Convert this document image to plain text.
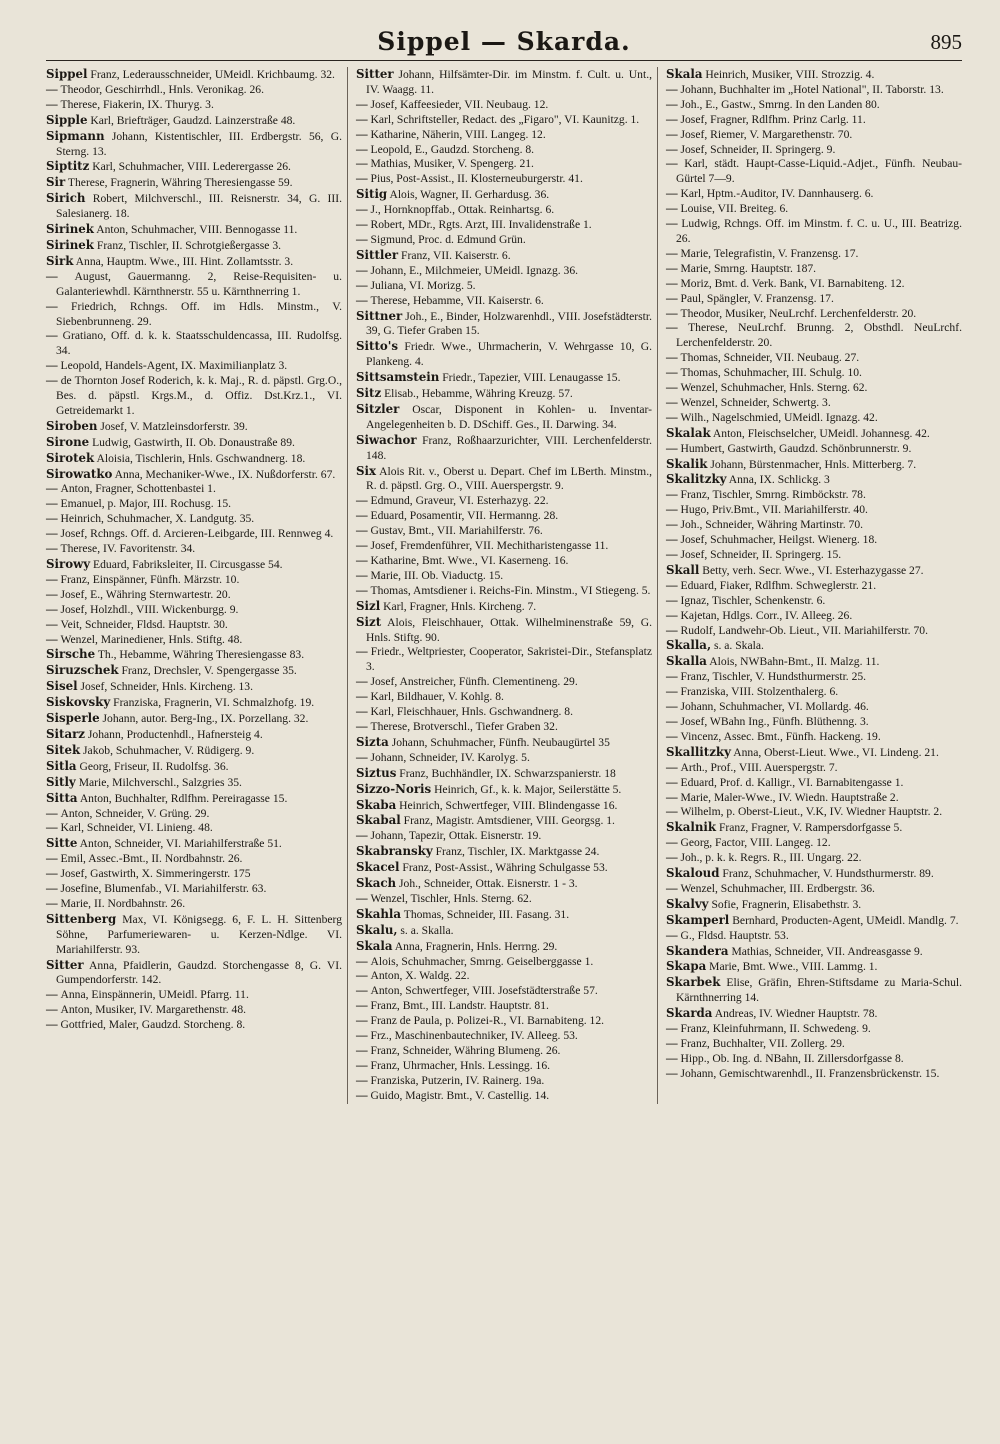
Sippel — Skarda.	895
Sippel Franz, Lederausschneider, UMeidl. Krichbaumg. 32.
— Theodor, Geschirrhdl., Hnls. Veronikag. 26.
— Therese, Fiakerin, IX. Thuryg. 3.
Sipple Karl, Briefträger, Gaudzd. Lainzerstraße 48.
Sipmann Johann, Kistentischler, III. Erdbergstr. 56, G. Sterng. 13.
Siptitz Karl, Schuhmacher, VIII. Lederergasse 26.
Sir Therese, Fragnerin, Währing Theresiengasse 59.
Sirich Robert, Milchverschl., III. Reisnerstr. 34, G. III. Salesianerg. 18.
Sirinek Anton, Schuhmacher, VIII. Bennogasse 11.
Sirinek Franz, Tischler, II. Schrotgießergasse 3.
Sirk Anna, Hauptm. Wwe., III. Hint. Zollamtsstr. 3.
— August, Gauermanng. 2, Reise-Requisiten- u. Galanteriewhdl. Kärnthnerstr. 55 u. Kärnthnerring 1.
— Friedrich, Rchngs. Off. im Hdls. Minstm., V. Siebenbrunneng. 29.
— Gratiano, Off. d. k. k. Staatsschuldencassa, III. Rudolfsg. 34.
— Leopold, Handels-Agent, IX. Maximilianplatz 3.
— de Thornton Josef Roderich, k. k. Maj., R. d. päpstl. Grg.O., Bes. d. päpstl. Krgs.M., d. Offiz. Dst.Krz.1., VI. Getreidemarkt 1.
Siroben Josef, V. Matzleinsdorferstr. 39.
Sirone Ludwig, Gastwirth, II. Ob. Donaustraße 89.
Sirotek Aloisia, Tischlerin, Hnls. Gschwandnerg. 18.
Sirowatko Anna, Mechaniker-Wwe., IX. Nußdorferstr. 67.
— Anton, Fragner, Schottenbastei 1.
— Emanuel, p. Major, III. Rochusg. 15.
— Heinrich, Schuhmacher, X. Landgutg. 35.
— Josef, Rchngs. Off. d. Arcieren-Leibgarde, III. Rennweg 4.
— Therese, IV. Favoritenstr. 34.
Sirowy Eduard, Fabriksleiter, II. Circusgasse 54.
— Franz, Einspänner, Fünfh. Märzstr. 10.
— Josef, E., Währing Sternwartestr. 20.
— Josef, Holzhdl., VIII. Wickenburgg. 9.
— Veit, Schneider, Fldsd. Hauptstr. 30.
— Wenzel, Marinediener, Hnls. Stiftg. 48.
Sirsche Th., Hebamme, Währing Theresiengasse 83.
Siruzschek Franz, Drechsler, V. Spengergasse 35.
Sisel Josef, Schneider, Hnls. Kircheng. 13.
Siskovsky Franziska, Fragnerin, VI. Schmalzhofg. 19.
Sisperle Johann, autor. Berg-Ing., IX. Porzellang. 32.
Sitarz Johann, Productenhdl., Hafnersteig 4.
Sitek Jakob, Schuhmacher, V. Rüdigerg. 9.
Sitla Georg, Friseur, II. Rudolfsg. 36.
Sitly Marie, Milchverschl., Salzgries 35.
Sitta Anton, Buchhalter, Rdlfhm. Pereiragasse 15.
— Anton, Schneider, V. Grüng. 29.
— Karl, Schneider, VI. Linieng. 48.
Sitte Anton, Schneider, VI. Mariahilferstraße 51.
— Emil, Assec.-Bmt., II. Nordbahnstr. 26.
— Josef, Gastwirth, X. Simmeringerstr. 175
— Josefine, Blumenfab., VI. Mariahilferstr. 63.
— Marie, II. Nordbahnstr. 26.
Sittenberg Max, VI. Königsegg. 6, F. L. H. Sittenberg Söhne, Parfumeriewaren- u. Kerzen-Ndlge. VI. Mariahilferstr. 93.
Sitter Anna, Pfaidlerin, Gaudzd. Storchengasse 8, G. VI. Gumpendorferstr. 142.
— Anna, Einspännerin, UMeidl. Pfarrg. 11.
— Anton, Musiker, IV. Margarethenstr. 48.
— Gottfried, Maler, Gaudzd. Storcheng. 8.
Sitter Johann, Hilfsämter-Dir. im Minstm. f. Cult. u. Unt., IV. Waagg. 11.
— Josef, Kaffeesieder, VII. Neubaug. 12.
— Karl, Schriftsteller, Redact. des „Figaro", VI. Kaunitzg. 1.
— Katharine, Näherin, VIII. Langeg. 12.
— Leopold, E., Gaudzd. Storcheng. 8.
— Mathias, Musiker, V. Spengerg. 21.
— Pius, Post-Assist., II. Klosterneuburgerstr. 41.
Sitig Alois, Wagner, II. Gerhardusg. 36.
— J., Hornknopffab., Ottak. Reinhartsg. 6.
— Robert, MDr., Rgts. Arzt, III. Invalidenstraße 1.
— Sigmund, Proc. d. Edmund Grün.
Sittler Franz, VII. Kaiserstr. 6.
— Johann, E., Milchmeier, UMeidl. Ignazg. 36.
— Juliana, VI. Morizg. 5.
— Therese, Hebamme, VII. Kaiserstr. 6.
Sittner Joh., E., Binder, Holzwarenhdl., VIII. Josefstädterstr. 39, G. Tiefer Graben 15.
Sitto's Friedr. Wwe., Uhrmacherin, V. Wehrgasse 10, G. Plankeng. 4.
Sittsamstein Friedr., Tapezier, VIII. Lenaugasse 15.
Sitz Elisab., Hebamme, Währing Kreuzg. 57.
Sitzler Oscar, Disponent in Kohlen- u. Inventar-Angelegenheiten b. D. DSchiff. Ges., II. Darwing. 34.
Siwachor Franz, Roßhaarzurichter, VIII. Lerchenfelderstr. 148.
Six Alois Rit. v., Oberst u. Depart. Chef im LBerth. Minstm., R. d. päpstl. Grg. O., VIII. Auerspergstr. 9.
— Edmund, Graveur, VI. Esterhazyg. 22.
— Eduard, Posamentir, VII. Hermanng. 28.
— Gustav, Bmt., VII. Mariahilferstr. 76.
— Josef, Fremdenführer, VII. Mechitharistengasse 11.
— Katharine, Bmt. Wwe., VI. Kaserneng. 16.
— Marie, III. Ob. Viaductg. 15.
— Thomas, Amtsdiener i. Reichs-Fin. Minstm., VI Stiegeng. 5.
Sizl Karl, Fragner, Hnls. Kircheng. 7.
Sizt Alois, Fleischhauer, Ottak. Wilhelminenstraße 59, G. Hnls. Stiftg. 90.
— Friedr., Weltpriester, Cooperator, Sakristei-Dir., Stefansplatz 3.
— Josef, Anstreicher, Fünfh. Clementineng. 29.
— Karl, Bildhauer, V. Kohlg. 8.
— Karl, Fleischhauer, Hnls. Gschwandnerg. 8.
— Therese, Brotverschl., Tiefer Graben 32.
Sizta Johann, Schuhmacher, Fünfh. Neubaugürtel 35
— Johann, Schneider, IV. Karolyg. 5.
Siztus Franz, Buchhändler, IX. Schwarzspanierstr. 18
Sizzo-Noris Heinrich, Gf., k. k. Major, Seilerstätte 5.
Skaba Heinrich, Schwertfeger, VIII. Blindengasse 16.
Skabal Franz, Magistr. Amtsdiener, VIII. Georgsg. 1.
— Johann, Tapezir, Ottak. Eisnerstr. 19.
Skabransky Franz, Tischler, IX. Marktgasse 24.
Skacel Franz, Post-Assist., Währing Schulgasse 53.
Skach Joh., Schneider, Ottak. Eisnerstr. 1 - 3.
— Wenzel, Tischler, Hnls. Sterng. 62.
Skahla Thomas, Schneider, III. Fasang. 31.
Skalu, s. a. Skalla.
Skala Anna, Fragnerin, Hnls. Herrng. 29.
— Alois, Schuhmacher, Smrng. Geiselberggasse 1.
— Anton, X. Waldg. 22.
— Anton, Schwertfeger, VIII. Josefstädterstraße 57.
— Franz, Bmt., III. Landstr. Hauptstr. 81.
— Franz de Paula, p. Polizei-R., VI. Barnabiteng. 12.
— Frz., Maschinenbautechniker, IV. Alleeg. 53.
— Franz, Schneider, Währing Blumeng. 26.
— Franz, Uhrmacher, Hnls. Lessingg. 16.
— Franziska, Putzerin, IV. Rainerg. 19a.
— Guido, Magistr. Bmt., V. Castellig. 14.
Skala Heinrich, Musiker, VIII. Strozzig. 4.
— Johann, Buchhalter im „Hotel National", II. Taborstr. 13.
— Joh., E., Gastw., Smrng. In den Landen 80.
— Josef, Fragner, Rdlfhm. Prinz Carlg. 11.
— Josef, Riemer, V. Margarethenstr. 70.
— Josef, Schneider, II. Springerg. 9.
— Karl, städt. Haupt-Casse-Liquid.-Adjet., Fünfh. Neubau-Gürtel 7—9.
— Karl, Hptm.-Auditor, IV. Dannhauserg. 6.
— Louise, VII. Breiteg. 6.
— Ludwig, Rchngs. Off. im Minstm. f. C. u. U., III. Beatrizg. 26.
— Marie, Telegrafistin, V. Franzensg. 17.
— Marie, Smrng. Hauptstr. 187.
— Moriz, Bmt. d. Verk. Bank, VI. Barnabiteng. 12.
— Paul, Spängler, V. Franzensg. 17.
— Theodor, Musiker, NeuLrchf. Lerchenfelderstr. 20.
— Therese, NeuLrchf. Brunng. 2, Obsthdl. NeuLrchf. Lerchenfelderstr. 20.
— Thomas, Schneider, VII. Neubaug. 27.
— Thomas, Schuhmacher, III. Schulg. 10.
— Wenzel, Schuhmacher, Hnls. Sterng. 62.
— Wenzel, Schneider, Schwertg. 3.
— Wilh., Nagelschmied, UMeidl. Ignazg. 42.
Skalak Anton, Fleischselcher, UMeidl. Johannesg. 42.
— Humbert, Gastwirth, Gaudzd. Schönbrunnerstr. 9.
Skalik Johann, Bürstenmacher, Hnls. Mitterberg. 7.
Skalitzky Anna, IX. Schlickg. 3
— Franz, Tischler, Smrng. Rimböckstr. 78.
— Hugo, Priv.Bmt., VII. Mariahilferstr. 40.
— Joh., Schneider, Währing Martinstr. 70.
— Josef, Schuhmacher, Heilgst. Wienerg. 18.
— Josef, Schneider, II. Springerg. 15.
Skall Betty, verh. Secr. Wwe., VI. Esterhazygasse 27.
— Eduard, Fiaker, Rdlfhm. Schweglerstr. 21.
— Ignaz, Tischler, Schenkenstr. 6.
— Kajetan, Hdlgs. Corr., IV. Alleeg. 26.
— Rudolf, Landwehr-Ob. Lieut., VII. Mariahilferstr. 70.
Skalla, s. a. Skala.
Skalla Alois, NWBahn-Bmt., II. Malzg. 11.
— Franz, Tischler, V. Hundsthurmerstr. 25.
— Franziska, VIII. Stolzenthalerg. 6.
— Johann, Schuhmacher, VI. Mollardg. 46.
— Josef, WBahn Ing., Fünfh. Blüthenng. 3.
— Vincenz, Assec. Bmt., Fünfh. Hackeng. 19.
Skallitzky Anna, Oberst-Lieut. Wwe., VI. Lindeng. 21.
— Arth., Prof., VIII. Auerspergstr. 7.
— Eduard, Prof. d. Kalligr., VI. Barnabitengasse 1.
— Marie, Maler-Wwe., IV. Wiedn. Hauptstraße 2.
— Wilhelm, p. Oberst-Lieut., V.K, IV. Wiedner Hauptstr. 2.
Skalnik Franz, Fragner, V. Rampersdorfgasse 5.
— Georg, Factor, VIII. Langeg. 12.
— Joh., p. k. k. Regrs. R., III. Ungarg. 22.
Skaloud Franz, Schuhmacher, V. Hundsthurmerstr. 89.
— Wenzel, Schuhmacher, III. Erdbergstr. 36.
Skalvy Sofie, Fragnerin, Elisabethstr. 3.
Skamperl Bernhard, Producten-Agent, UMeidl. Mandlg. 7.
— G., Fldsd. Hauptstr. 53.
Skandera Mathias, Schneider, VII. Andreasgasse 9.
Skapa Marie, Bmt. Wwe., VIII. Lammg. 1.
Skarbek Elise, Gräfin, Ehren-Stiftsdame zu Maria-Schul. Kärnthnerring 14.
Skarda Andreas, IV. Wiedner Hauptstr. 78.
— Franz, Kleinfuhrmann, II. Schwedeng. 9.
— Franz, Buchhalter, VII. Zollerg. 29.
— Hipp., Ob. Ing. d. NBahn, II. Zillersdorfgasse 8.
— Johann, Gemischtwarenhdl., II. Franzensbrückenstr. 15.
